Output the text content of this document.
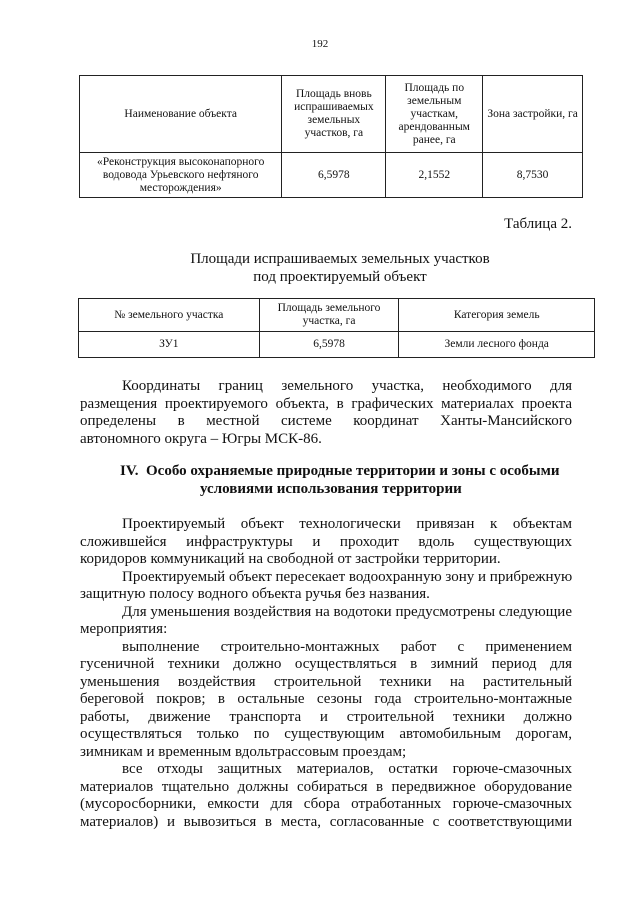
192
Наименование объекта	Площадь вновь испрашиваемых земельных участков, га	Площадь по земельным участкам, арендованным ранее, га	Зона застройки, га
«Реконструкция высоконапорного водовода Урьевского нефтяного месторождения»	6,5978	2,1552	8,7530
Таблица 2.
Площади испрашиваемых земельных участков
под проектируемый объект
№ земельного участка	Площадь земельного участка, га	Категория земель
ЗУ1	6,5978	Земли лесного фонда
Координаты границ земельного участка, необходимого для
размещения проектируемого объекта, в графических материалах проекта
определены в местной системе координат Ханты-Мансийского
автономного округа – Югры МСК-86.
IV. Особо охраняемые природные территории и зоны с особыми
условиями использования территории
Проектируемый объект технологически привязан к объектам
сложившейся инфраструктуры и проходит вдоль существующих
коридоров коммуникаций на свободной от застройки территории.
Проектируемый объект пересекает водоохранную зону и прибрежную
защитную полосу водного объекта ручья без названия.
Для уменьшения воздействия на водотоки предусмотрены следующие
мероприятия:
выполнение строительно-монтажных работ с применением
гусеничной техники должно осуществляться в зимний период для
уменьшения воздействия строительной техники на растительный
береговой покров; в остальные сезоны года строительно-монтажные
работы, движение транспорта и строительной техники должно
осуществляться только по существующим автомобильным дорогам,
зимникам и временным вдольтрассовым проездам;
все отходы защитных материалов, остатки горюче-смазочных
материалов тщательно должны собираться в передвижное оборудование
(мусоросборники, емкости для сбора отработанных горюче-смазочных
материалов) и вывозиться в места, согласованные с соответствующими
